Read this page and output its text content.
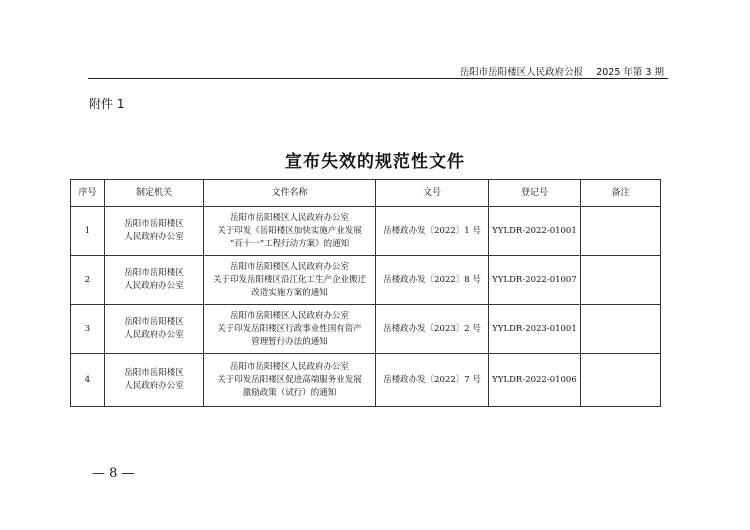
岳阳市岳阳楼区人民政府公报 2025 年第 3 期
附件 1
宣布失效的规范性文件
序号	制定机关	文件名称	文号	登记号	备注
1	岳阳市岳阳楼区
人民政府办公室	岳阳市岳阳楼区人民政府办公室
关于印发《岳阳楼区加快实施产业发展
“百十一”工程行动方案》的通知	岳楼政办发〔2022〕1 号	YYLDR-2022-01001	
2	岳阳市岳阳楼区
人民政府办公室	岳阳市岳阳楼区人民政府办公室
关于印发岳阳楼区沿江化工生产企业搬迁
改造实施方案的通知	岳楼政办发〔2022〕8 号	YYLDR-2022-01007	
3	岳阳市岳阳楼区
人民政府办公室	岳阳市岳阳楼区人民政府办公室
关于印发岳阳楼区行政事业性国有资产
管理暂行办法的通知	岳楼政办发〔2023〕2 号	YYLDR-2023-01001	
4	岳阳市岳阳楼区
人民政府办公室	岳阳市岳阳楼区人民政府办公室
关于印发岳阳楼区促进高端服务业发展
激励政策（试行）的通知	岳楼政办发〔2022〕7 号	YYLDR-2022-01006	
— 8 —
